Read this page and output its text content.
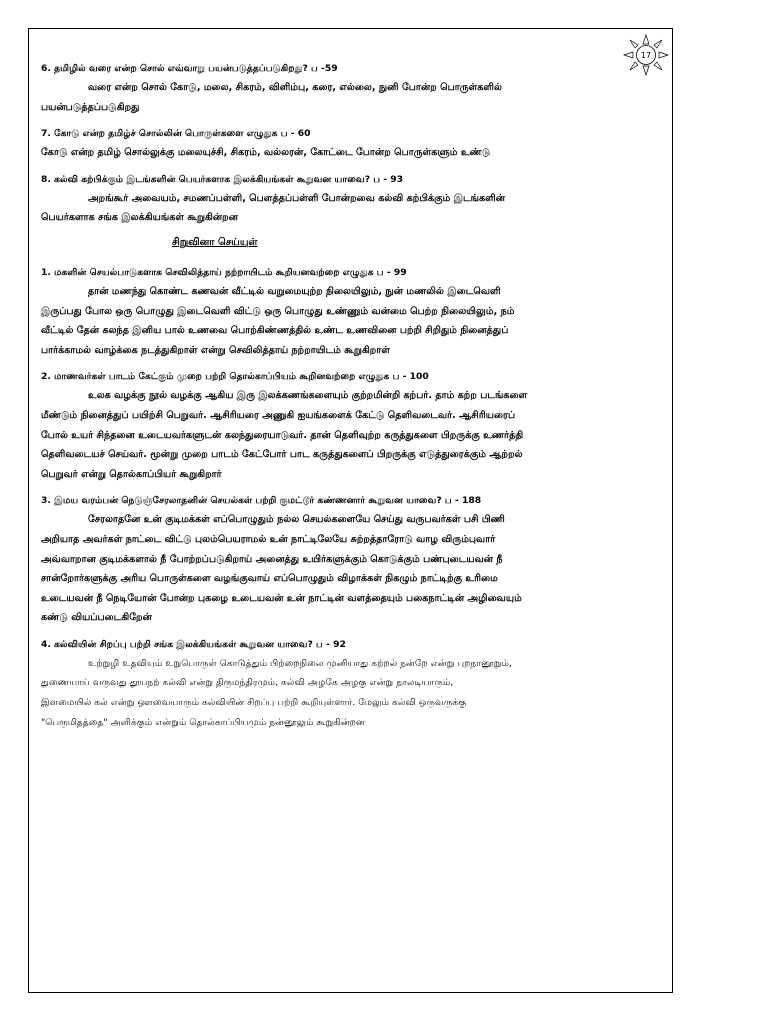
17
6. தமிழில் வரை என்ற சொல் எவ்வாறு பயன்படுத்தப்படுகிறது? ப -59
வரை என்ற சொல் கோடு, மலை, சிகரம், விளிம்பு, கரை, எல்லை, நுனி போன்ற பொருள்களில்
பயன்படுத்தப்படுகிறது
7. கோடு என்ற தமிழ்ச் சொல்லின் பொருள்களை எழுதுக ப - 60
கோடு என்ற தமிழ் சொல்லுக்கு மலையுச்சி, சிகரம், வல்லரன், கோட்டை போன்ற பொருள்களும் உண்டு
8. கல்வி கற்பிக்கும் இடங்களின் பெயர்களாக இலக்கியங்கள் கூறுவன யாவை? ப - 93
அறங்கூர் அவையம், சமணப்பள்ளி, பௌத்தப்பள்ளி போன்றவை கல்வி கற்பிக்கும் இடங்களின்
பெயர்களாக சங்க இலக்கியங்கள் கூறுகின்றன
சிறுவினா செய்யுள்
1. மகளின் செயல்பாடுகளாக செவிலித்தாய் நற்றாயிடம் கூறியனவற்றை எழுதுக ப - 99
தான் மணந்து கொண்ட கணவன் வீட்டில் வறுமையுற்ற நிலையிலும், நுன் மணலில் இடைவெளி
இருப்பது போல ஒரு பொழுது இடைவெளி விட்டு ஒரு பொழுது உண்ணும் வன்மை பெற்ற நிலையிலும், நம்
வீட்டில் தேன் கலந்த இனிய பால் உணவை பொற்கிண்ணத்தில் உண்ட உணவினை பற்றி சிறிதும் நினைத்துப்
பார்க்காமல் வாழ்க்கை நடத்துகிறாள் என்று செவிலித்தாய் நற்றாயிடம் கூறுகிறாள்
2. மாணவர்கள் பாடம் கேட்கும் முறை பற்றி தொல்காப்பியம் கூறினவற்றை எழுதுக ப - 100
உலக வழக்கு நூல் வழக்கு ஆகிய இரு இலக்கணங்களையும் குற்றமின்றி கற்பர். தாம் கற்ற படங்களை
மீண்டும் நினைத்துப் பயிற்சி பெறுவர். ஆசிரியரை அணுகி ஐயங்களைக் கேட்டு தெளிவடைவர். ஆசிரியரைப்
போல் உயர் சிந்தனை உடையவர்களுடன் கலந்துரையாடுவர். தான் தெளிவுற்ற கருத்துகளை பிறருக்கு உணர்த்தி
தெளிவடையச் செய்வர். மூன்று முறை பாடம் கேட்போர் பாட கருத்துகளைப் பிறருக்கு எடுத்துரைக்கும் ஆற்றல்
பெறுவர் என்று தொல்காப்பியர் கூறுகிறார்
3. இமய வரம்பன் நெடுஞ்சேரலாதனின் செயல்கள் பற்றி குமட்டூர் கண்ணனார் கூறுவன யாவை? ப - 188
சேரலாதனே உன் குடிமக்கள் எப்பொழுதும் நல்ல செயல்களையே செய்து வருபவர்கள் பசி பிணி
அறியாத அவர்கள் நாட்டை விட்டு புலம்பெயராமல் உன் நாட்டிலேயே சுற்றத்தாரோடு வாழ விரும்புவார்
அவ்வாறான குடிமக்களால் நீ போற்றப்படுகிறாய் அனைத்து உயிர்களுக்கும் கொடுக்கும் பண்புடையவன் நீ
சான்றோர்களுக்கு அரிய பொருள்களை வழங்குவாய் எப்பொழுதும் விழாக்கள் நிகழும் நாட்டிற்கு உரிமை
உடையவன் நீ நெடியோன் போன்ற புகழை உடையவன் உன் நாட்டின் வளத்தையும் பகைநாட்டின் அழிவையும்
கண்டு வியப்படைகிறேன்
4. கல்வியின் சிறப்பு பற்றி சங்க இலக்கியங்கள் கூறுவன யாவை? ப - 92
உற்றுழி உதவியும் உறுபொருள் கொடுத்தும் பிற்றைநிலை முனியாது கற்றல் நன்றே என்று புறநானூறும்,
துணையாய் வருவது தூயநற் கல்வி என்று திருமந்திரமும், கல்வி அழகே அழகு என்று நாலடியாரும்,
இளமையில் கல் என்று ஔவையாரும் கல்வியின் சிறப்பு பற்றி கூறியுள்ளார். மேலும் கல்வி ஒருவருக்கு
"பெருமிதத்தை" அளிக்கும் என்றும் தொல்காப்பியமும் நன்னூலும் கூறுகின்றன
